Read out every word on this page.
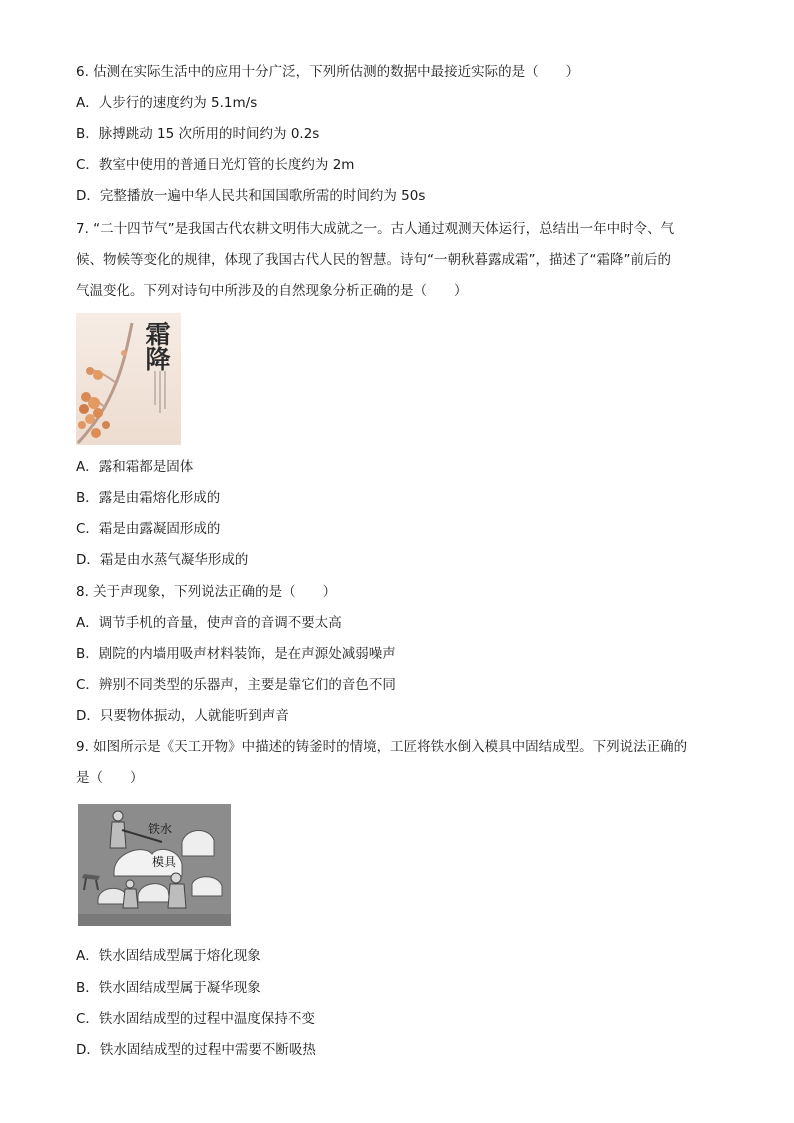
6. 估测在实际生活中的应用十分广泛，下列所估测的数据中最接近实际的是（　　）
A．人步行的速度约为 5.1m/s
B．脉搏跳动 15 次所用的时间约为 0.2s
C．教室中使用的普通日光灯管的长度约为 2m
D．完整播放一遍中华人民共和国国歌所需的时间约为 50s
7. “二十四节气”是我国古代农耕文明伟大成就之一。古人通过观测天体运行，总结出一年中时令、气
候、物候等变化的规律，体现了我国古代人民的智慧。诗句“一朝秋暮露成霜”，描述了“霜降”前后的
气温变化。下列对诗句中所涉及的自然现象分析正确的是（　　）
霜降
A．露和霜都是固体
B．露是由霜熔化形成的
C．霜是由露凝固形成的
D．霜是由水蒸气凝华形成的
8. 关于声现象，下列说法正确的是（　　）
A．调节手机的音量，使声音的音调不要太高
B．剧院的内墙用吸声材料装饰，是在声源处减弱噪声
C．辨别不同类型的乐器声，主要是靠它们的音色不同
D．只要物体振动，人就能听到声音
9. 如图所示是《天工开物》中描述的铸釜时的情境，工匠将铁水倒入模具中固结成型。下列说法正确的
是（　　）
铁水
模具
A．铁水固结成型属于熔化现象
B．铁水固结成型属于凝华现象
C．铁水固结成型的过程中温度保持不变
D．铁水固结成型的过程中需要不断吸热
